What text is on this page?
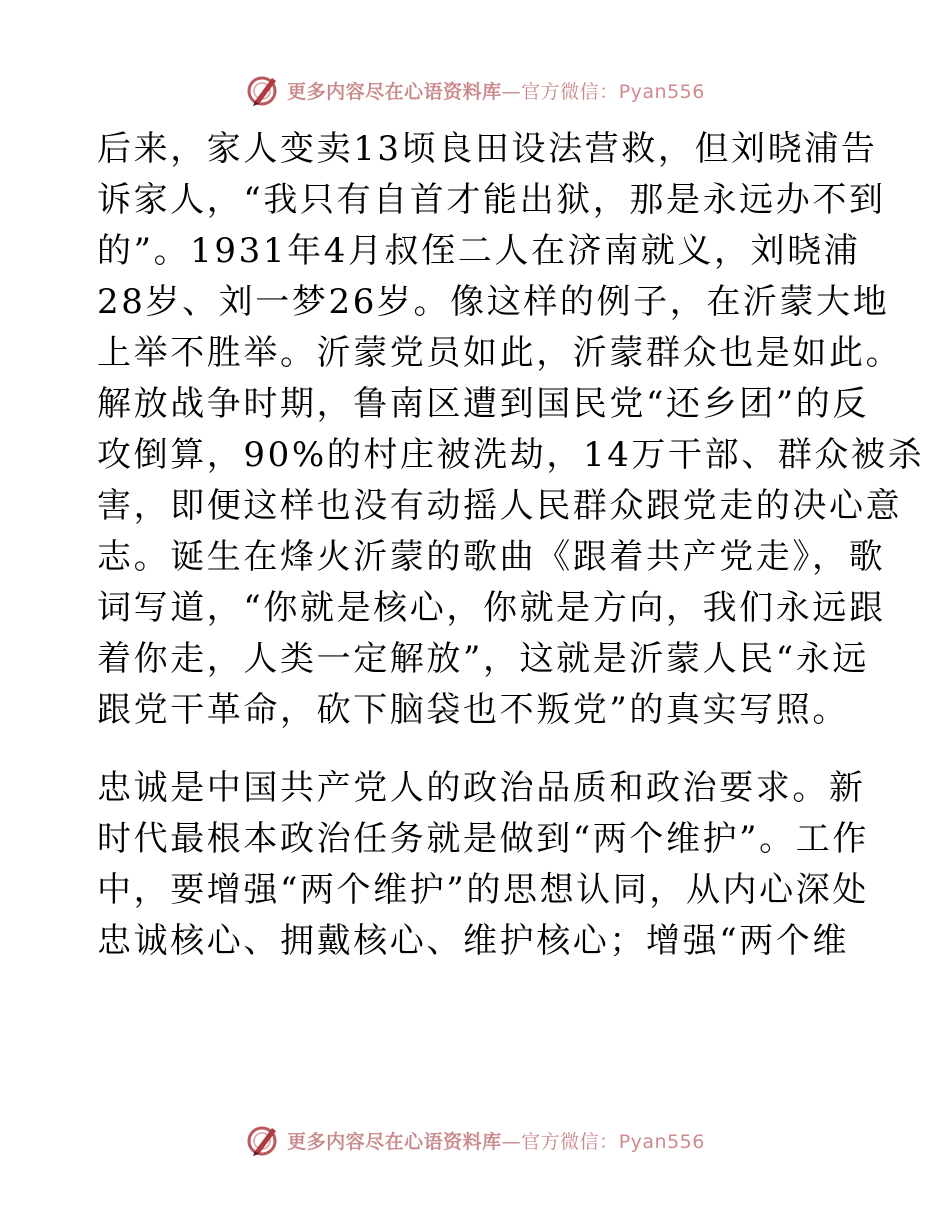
更多内容尽在心语资料库—官方微信：Pyan556
后来，家人变卖13顷良田设法营救，但刘晓浦告
诉家人，“我只有自首才能出狱，那是永远办不到
的”。1931年4月叔侄二人在济南就义，刘晓浦
28岁、刘一梦26岁。像这样的例子，在沂蒙大地
上举不胜举。沂蒙党员如此，沂蒙群众也是如此。
解放战争时期，鲁南区遭到国民党“还乡团”的反
攻倒算，90%的村庄被洗劫，14万干部、群众被杀
害，即便这样也没有动摇人民群众跟党走的决心意
志。诞生在烽火沂蒙的歌曲《跟着共产党走》，歌
词写道，“你就是核心，你就是方向，我们永远跟
着你走，人类一定解放”，这就是沂蒙人民“永远
跟党干革命，砍下脑袋也不叛党”的真实写照。
忠诚是中国共产党人的政治品质和政治要求。新
时代最根本政治任务就是做到“两个维护”。工作
中，要增强“两个维护”的思想认同，从内心深处
忠诚核心、拥戴核心、维护核心；增强“两个维
更多内容尽在心语资料库—官方微信：Pyan556
